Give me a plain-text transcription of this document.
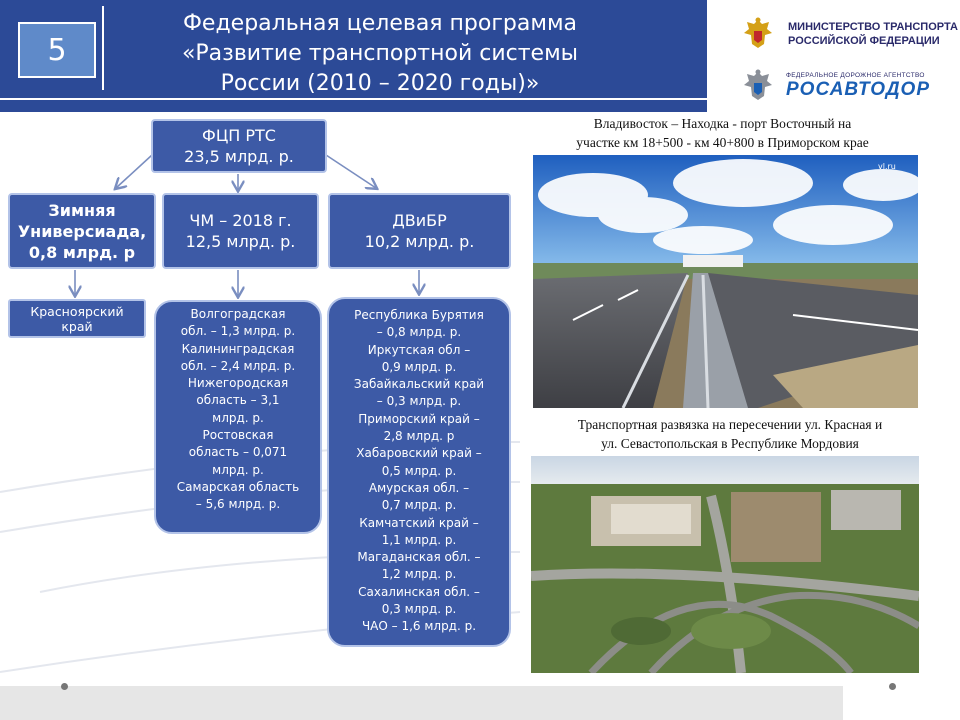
5
Федеральная целевая программа
«Развитие транспортной системы
России (2010 – 2020 годы)»
МИНИСТЕРСТВО ТРАНСПОРТА
РОССИЙСКОЙ ФЕДЕРАЦИИ
ФЕДЕРАЛЬНОЕ ДОРОЖНОЕ АГЕНТСТВО
РОСАВТОДОР
ФЦП РТС
23,5 млрд. р.
Зимняя
Универсиада,
0,8 млрд. р
ЧМ – 2018 г.
12,5 млрд. р.
ДВиБР
10,2 млрд. р.
Красноярский
край
Волгоградская
обл. – 1,3 млрд. р.
Калининградская
обл. – 2,4 млрд. р.
Нижегородская
область – 3,1
млрд. р.
Ростовская
область – 0,071
млрд. р.
Самарская область
– 5,6 млрд. р.
Республика Бурятия
– 0,8 млрд. р.
Иркутская обл –
0,9 млрд. р.
Забайкальский край
– 0,3 млрд. р.
Приморский край –
2,8 млрд. р
Хабаровский край –
0,5 млрд. р.
Амурская обл. –
0,7 млрд. р.
Камчатский край –
1,1 млрд. р.
Магаданская обл. –
1,2 млрд. р.
Сахалинская обл. –
0,3 млрд. р.
ЧАО – 1,6 млрд. р.
Владивосток – Находка - порт Восточный на
участке км 18+500 - км 40+800 в Приморском крае
Транспортная развязка на пересечении ул. Красная и
ул. Севастопольская в Республике Мордовия
vl.ru
